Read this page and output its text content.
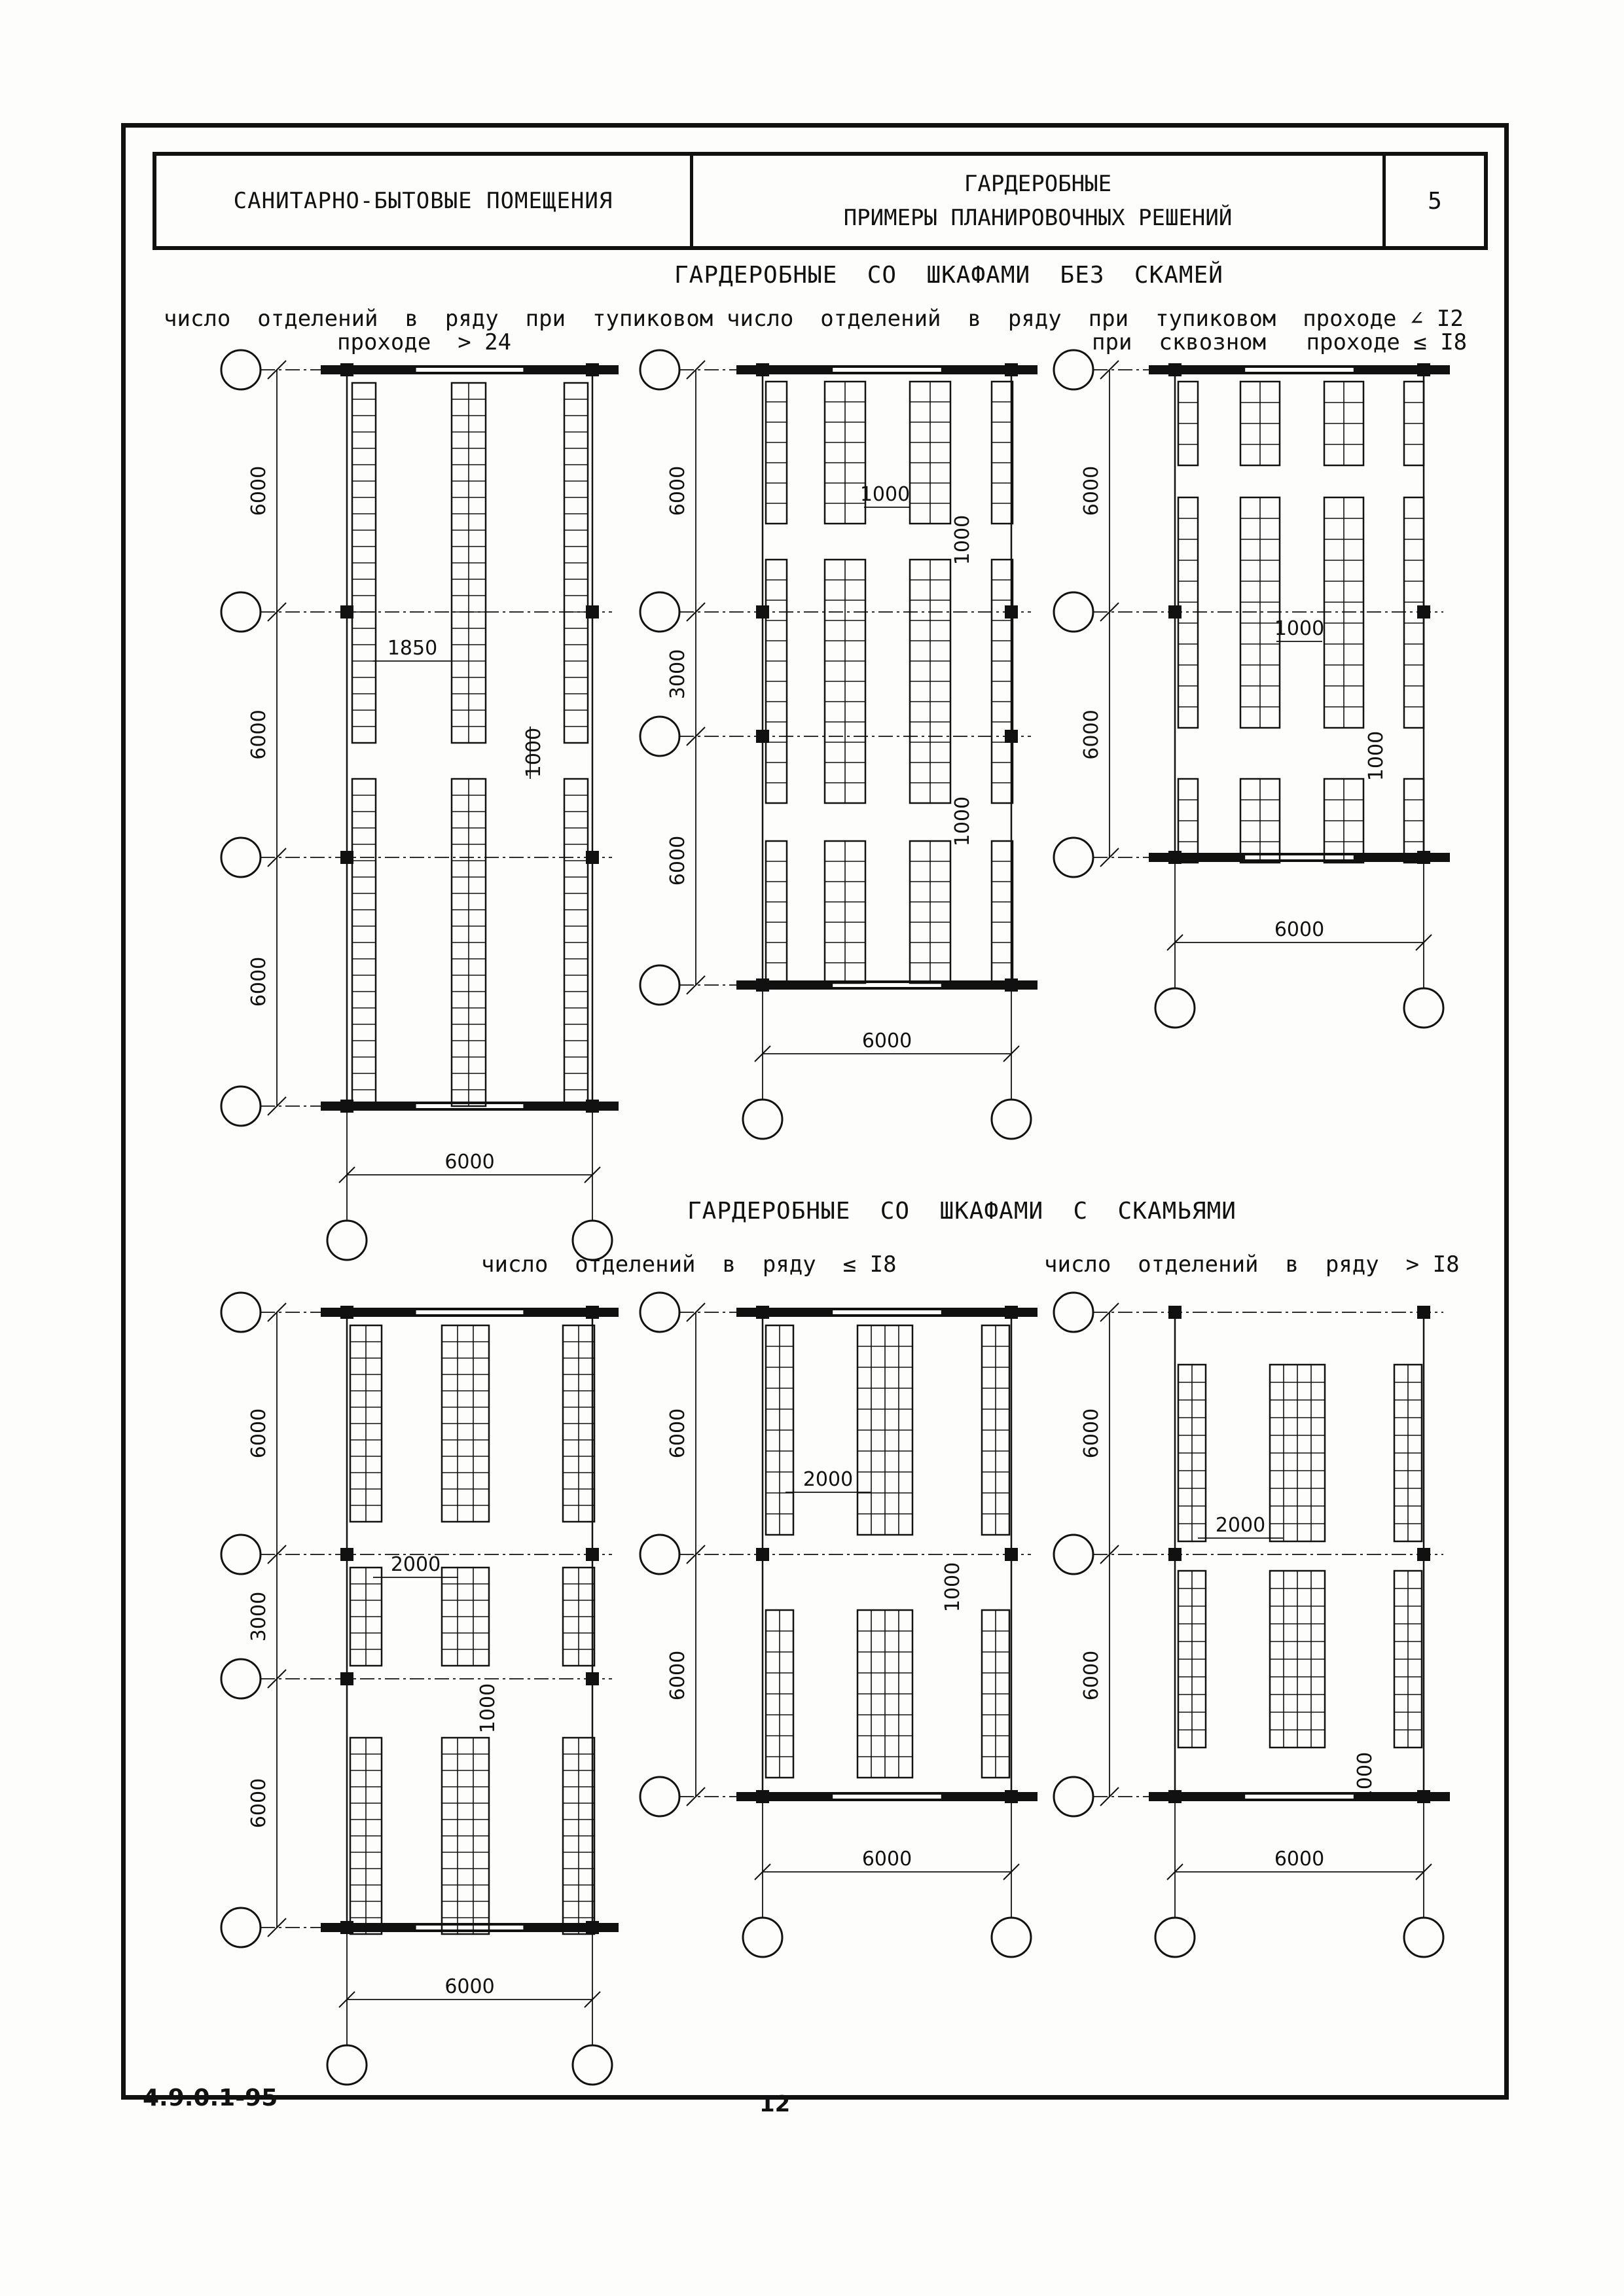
САНИТАРНО-БЫТОВЫЕ ПОМЕЩЕНИЯ
ГАРДЕРОБНЫЕ
ПРИМЕРЫ ПЛАНИРОВОЧНЫХ РЕШЕНИЙ
5
ГАРДЕРОБНЫЕ  СО  ШКАФАМИ  БЕЗ  СКАМЕЙ
число  отделений  в  ряду  при  тупиковом
проходе  > 24
число  отделений  в  ряду  при  тупиковом  проходе ∠ I2
при  сквозном   проходе ≤ I8
ГАРДЕРОБНЫЕ  СО  ШКАФАМИ  С  СКАМЬЯМИ
число  отделений  в  ряду  ≤ I8	число  отделений  в  ряду  > I8
6000
6000
6000
6000
1850
1000
6000
3000
6000
6000
1000
1000
1000
6000
6000
6000
1000
1000
6000
3000
6000
6000
2000
1000
6000
6000
6000
2000
1000
6000
6000
6000
2000
1000
4.9.0.1-95	12
